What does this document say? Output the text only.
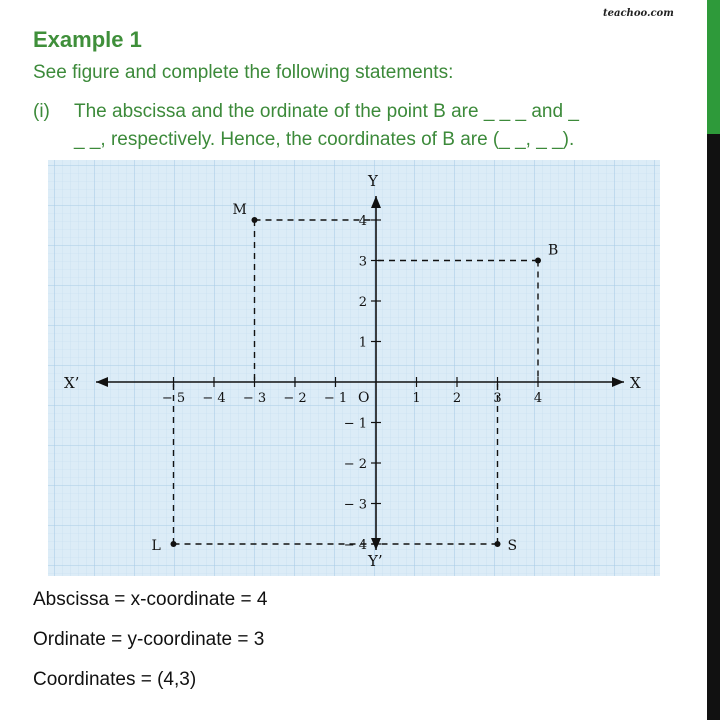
teachoo.com
Example 1
See figure and complete the following statements:
(i) The abscissa and the ordinate of the point B are _ _ _ and _
_ _, respectively. Hence, the coordinates of B are (_ _, _ _).
X
X’
Y
Y’
O
− 5 − 4 − 3 − 2 − 1	1 2 3 4
4
3
2
1
− 1
− 2
− 3
− 4
M
B
L	S
Abscissa = x-coordinate = 4
Ordinate = y-coordinate = 3
Coordinates = (4,3)
